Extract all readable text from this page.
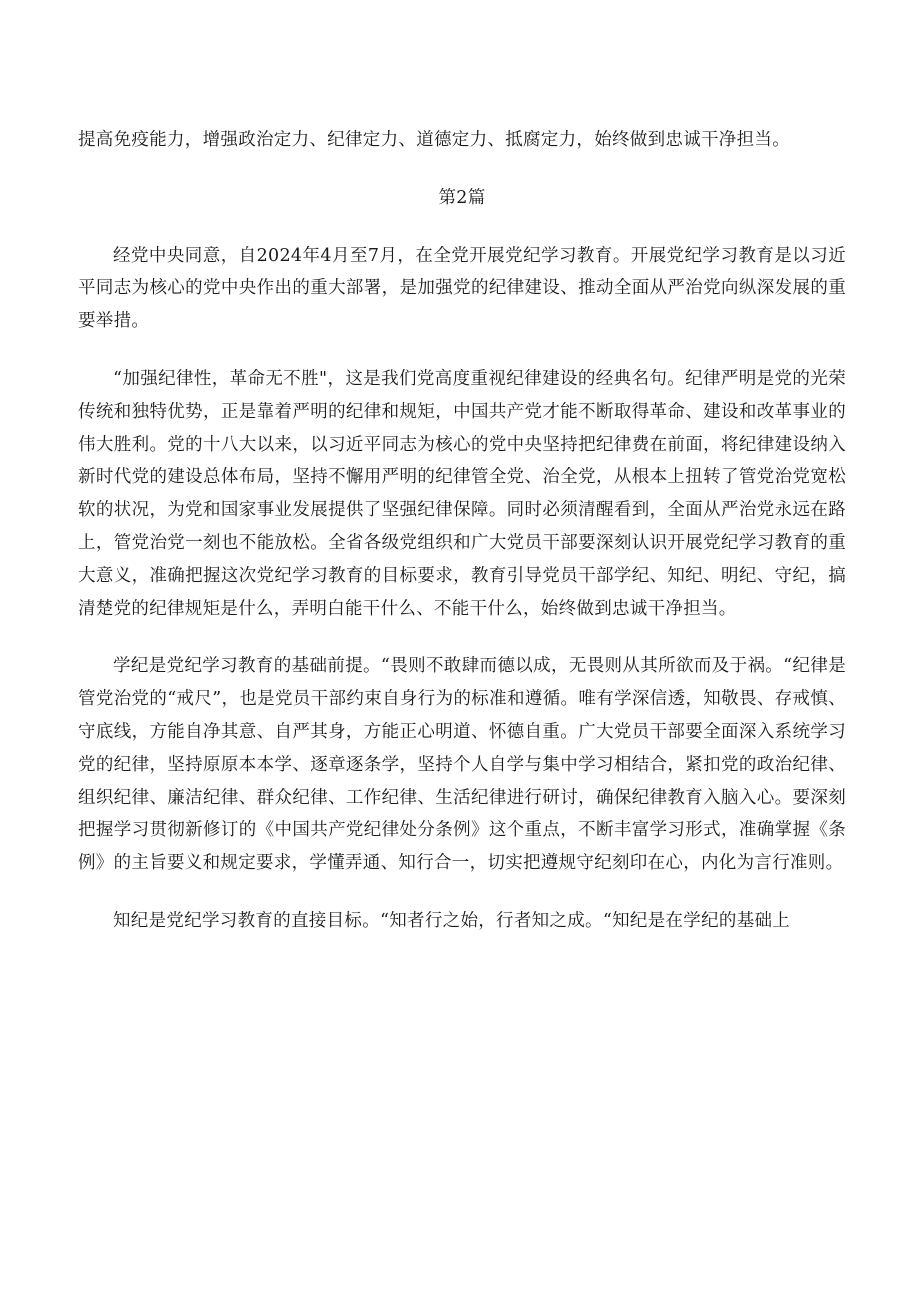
提高免疫能力，增强政治定力、纪律定力、道德定力、抵腐定力，始终做到忠诚干净担当。

第2篇

经党中央同意，自2024年4月至7月，在全党开展党纪学习教育。开展党纪学习教育是以习近平同志为核心的党中央作出的重大部署，是加强党的纪律建设、推动全面从严治党向纵深发展的重要举措。

“加强纪律性，革命无不胜"，这是我们党高度重视纪律建设的经典名句。纪律严明是党的光荣传统和独特优势，正是靠着严明的纪律和规矩，中国共产党才能不断取得革命、建设和改革事业的伟大胜利。党的十八大以来，以习近平同志为核心的党中央坚持把纪律费在前面，将纪律建设纳入新时代党的建设总体布局，坚持不懈用严明的纪律管全党、治全党，从根本上扭转了管党治党宽松软的状况，为党和国家事业发展提供了坚强纪律保障。同时必须清醒看到，全面从严治党永远在路上，管党治党一刻也不能放松。全省各级党组织和广大党员干部要深刻认识开展党纪学习教育的重大意义，准确把握这次党纪学习教育的目标要求，教育引导党员干部学纪、知纪、明纪、守纪，搞清楚党的纪律规矩是什么，弄明白能干什么、不能干什么，始终做到忠诚干净担当。

学纪是党纪学习教育的基础前提。“畏则不敢肆而德以成，无畏则从其所欲而及于祸。“纪律是管党治党的“戒尺”，也是党员干部约束自身行为的标准和遵循。唯有学深信透，知敬畏、存戒慎、守底线，方能自净其意、自严其身，方能正心明道、怀德自重。广大党员干部要全面深入系统学习党的纪律，坚持原原本本学、逐章逐条学，坚持个人自学与集中学习相结合，紧扣党的政治纪律、组织纪律、廉洁纪律、群众纪律、工作纪律、生活纪律进行研讨，确保纪律教育入脑入心。要深刻把握学习贯彻新修订的《中国共产党纪律处分条例》这个重点，不断丰富学习形式，准确掌握《条例》的主旨要义和规定要求，学懂弄通、知行合一，切实把遵规守纪刻印在心，内化为言行准则。

知纪是党纪学习教育的直接目标。“知者行之始，行者知之成。“知纪是在学纪的基础上
